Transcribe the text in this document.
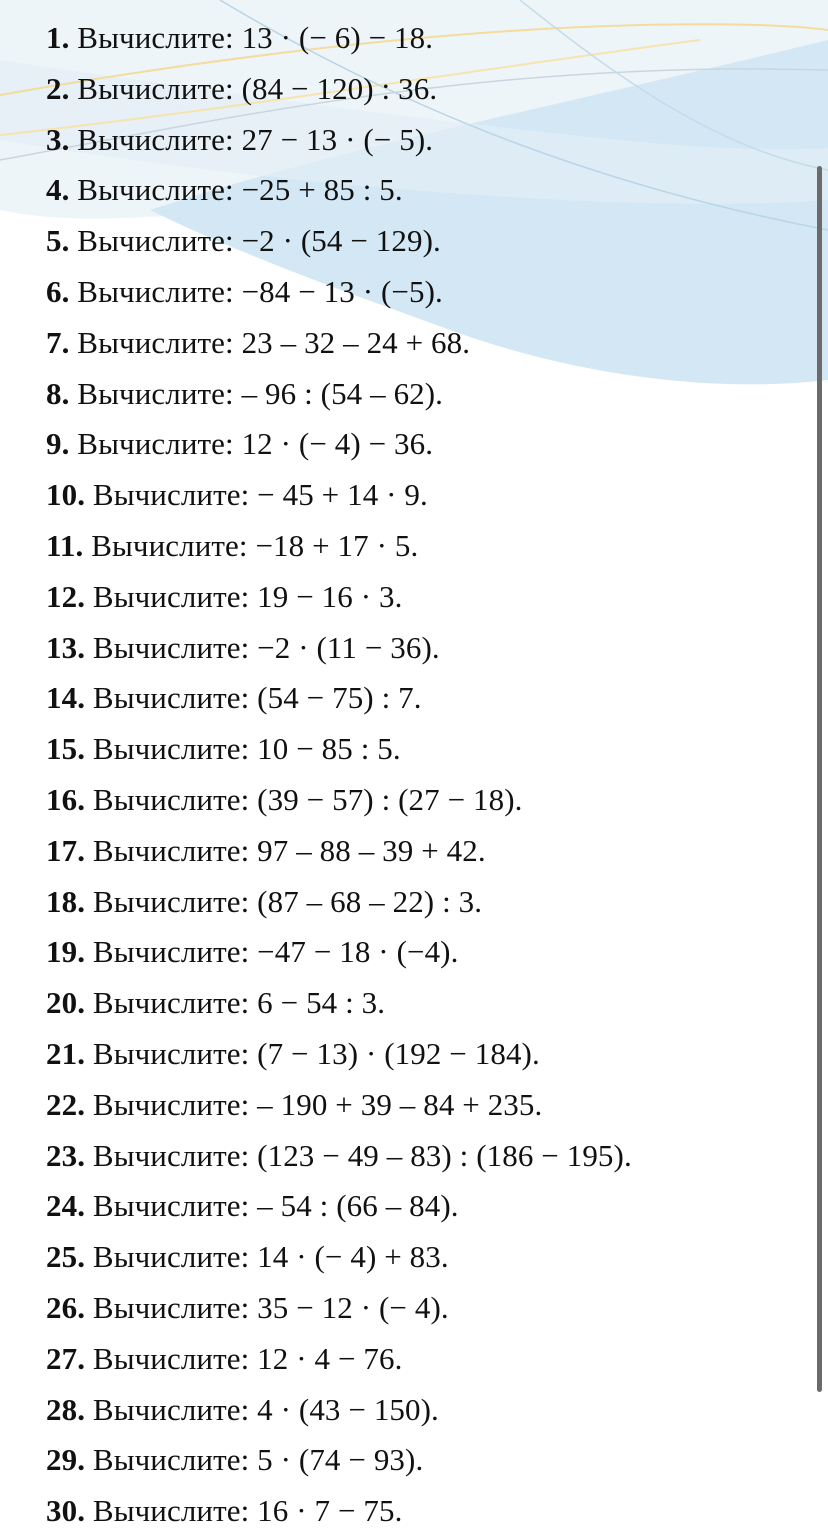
1. Вычислите: 13 · (− 6) − 18.
2. Вычислите: (84 − 120) : 36.
3. Вычислите: 27 − 13 · (− 5).
4. Вычислите: −25 + 85 : 5.
5. Вычислите: −2 · (54 − 129).
6. Вычислите: −84 − 13 · (−5).
7. Вычислите: 23 – 32 – 24 + 68.
8. Вычислите: – 96 : (54 – 62).
9. Вычислите: 12 · (− 4) − 36.
10. Вычислите: − 45 + 14 · 9.
11. Вычислите: −18 + 17 · 5.
12. Вычислите: 19 − 16 · 3.
13. Вычислите: −2 · (11 − 36).
14. Вычислите: (54 − 75) : 7.
15. Вычислите: 10 − 85 : 5.
16. Вычислите: (39 − 57) : (27 − 18).
17. Вычислите: 97 – 88 – 39 + 42.
18. Вычислите: (87 – 68 – 22) : 3.
19. Вычислите: −47 − 18 · (−4).
20. Вычислите: 6 − 54 : 3.
21. Вычислите: (7 − 13) · (192 − 184).
22. Вычислите: – 190 + 39 – 84 + 235.
23. Вычислите: (123 − 49 – 83) : (186 − 195).
24. Вычислите: – 54 : (66 – 84).
25. Вычислите: 14 · (− 4) + 83.
26. Вычислите: 35 − 12 · (− 4).
27. Вычислите: 12 · 4 − 76.
28. Вычислите: 4 · (43 − 150).
29. Вычислите: 5 · (74 − 93).
30. Вычислите: 16 · 7 − 75.
